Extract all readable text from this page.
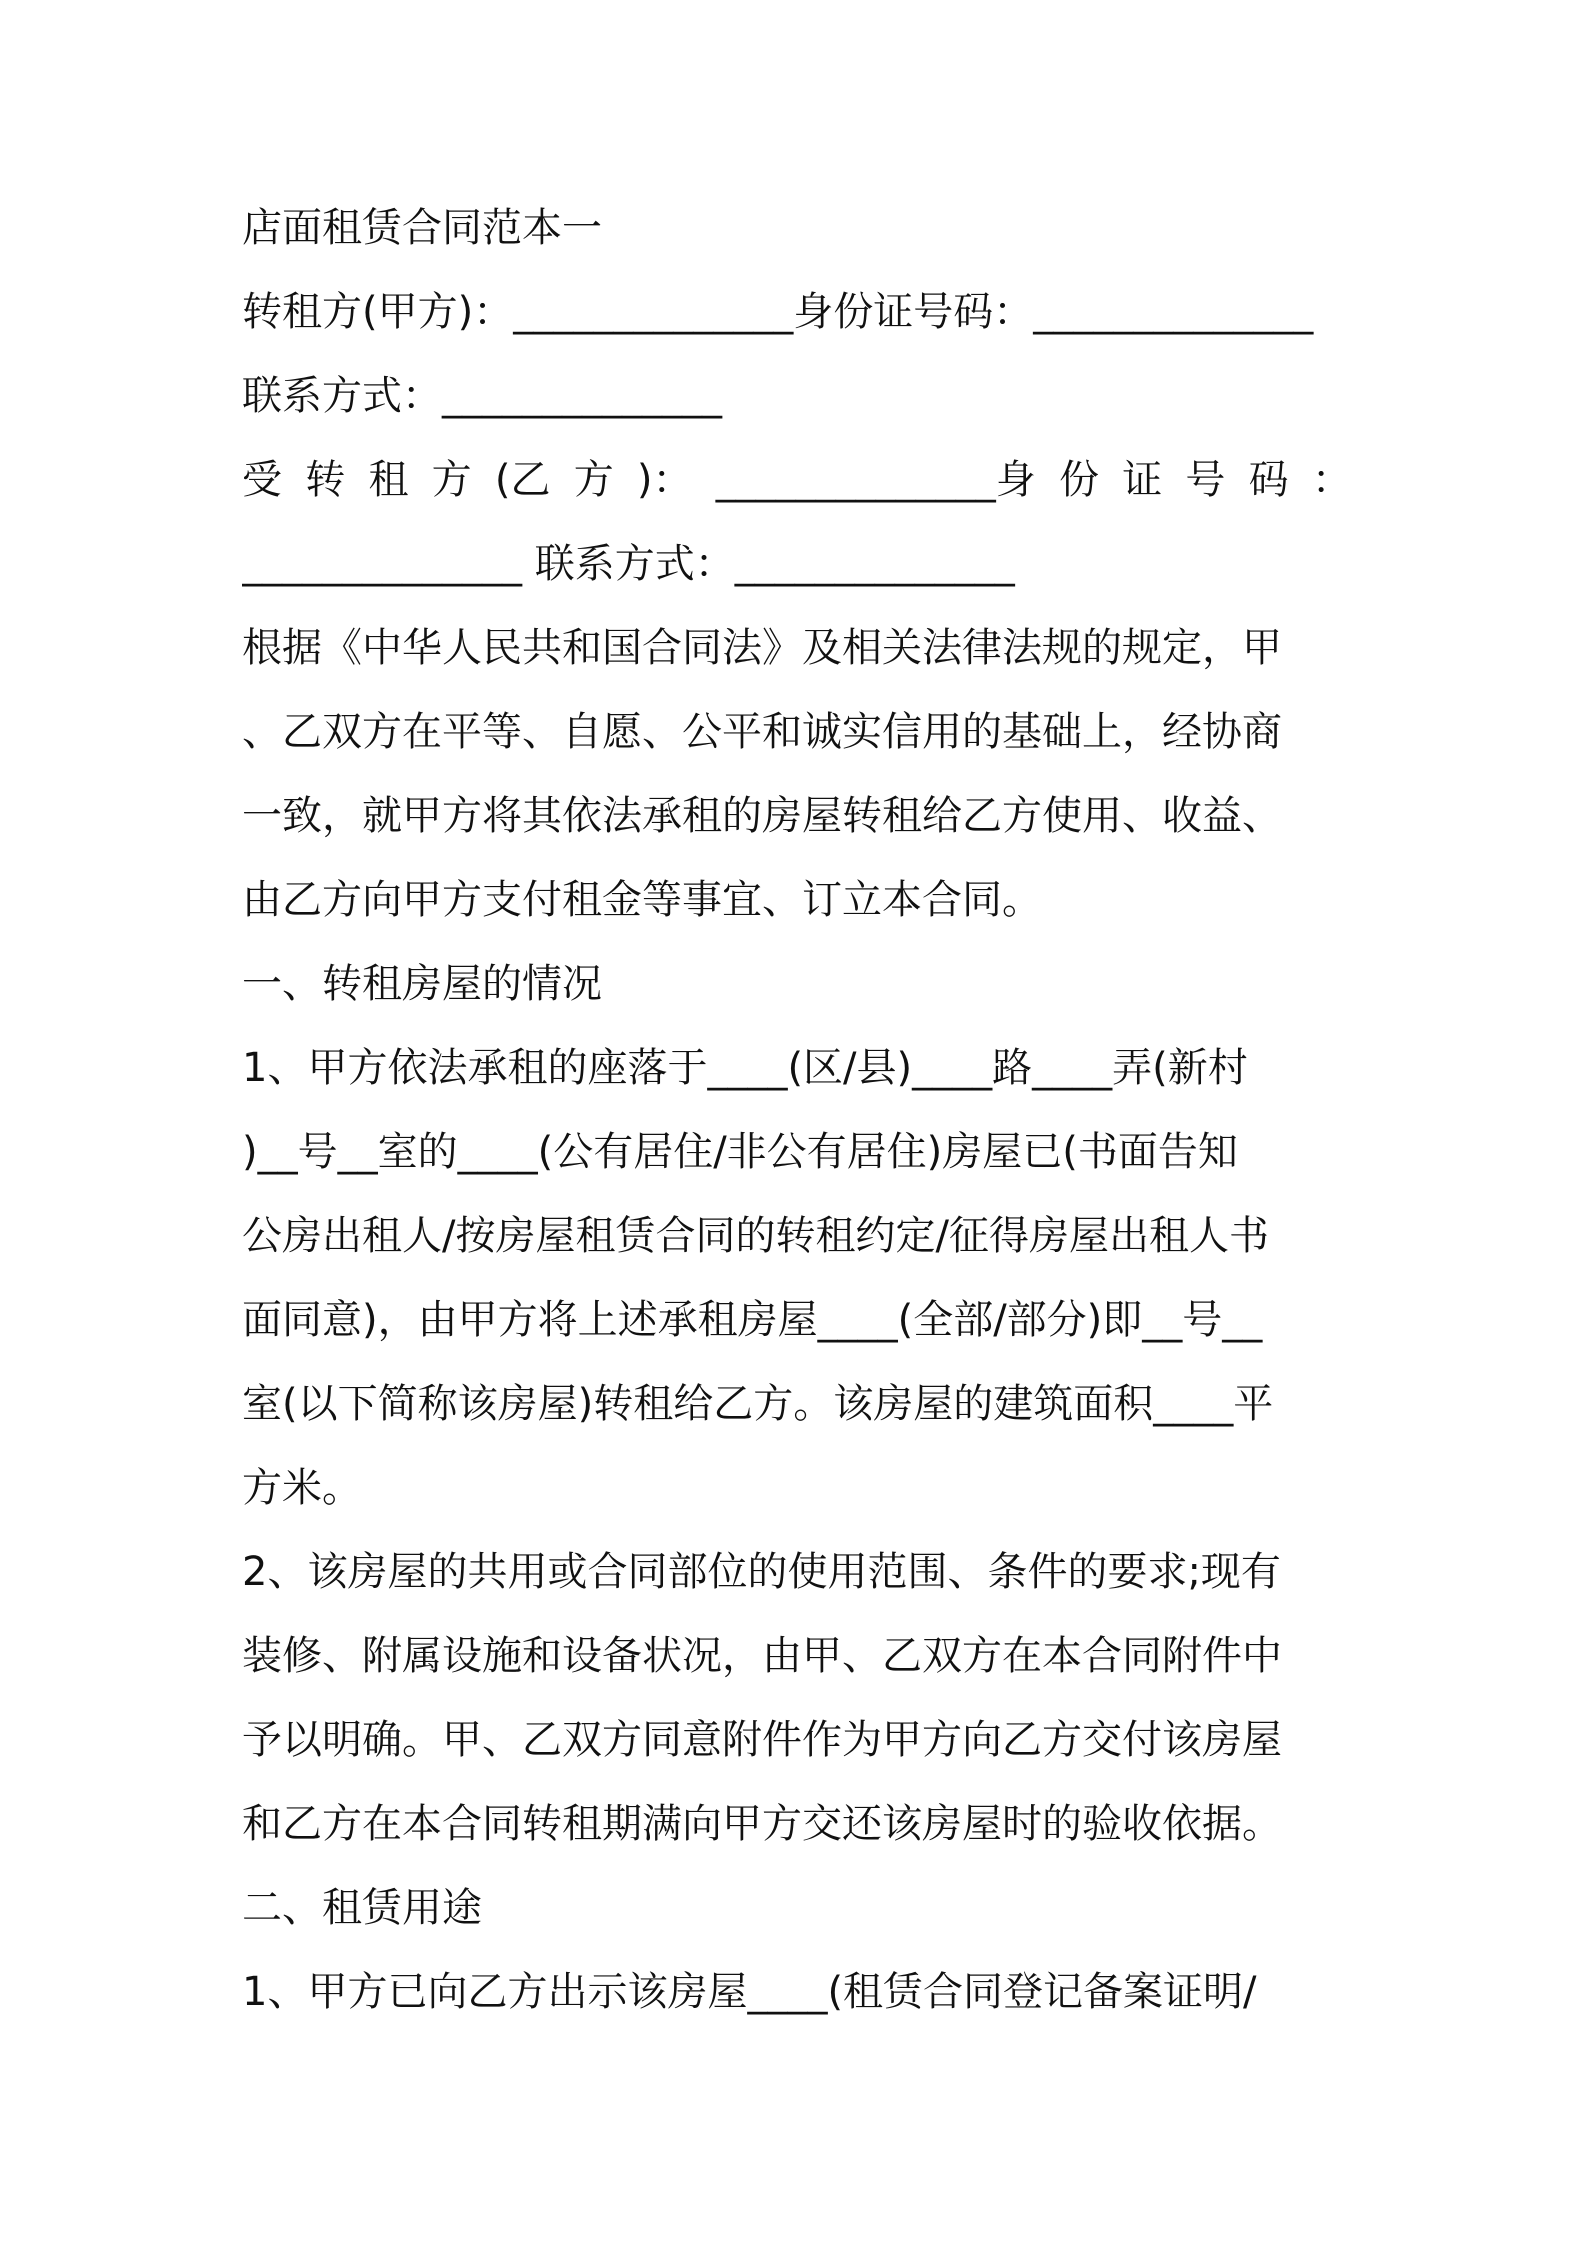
店面租赁合同范本一
转租方(甲方)：______________身份证号码：______________
联系方式：______________
受 转 租 方 (乙 方 )： ______________身 份 证 号 码 ：
______________ 联系方式：______________
根据《中华人民共和国合同法》及相关法律法规的规定，甲
、乙双方在平等、自愿、公平和诚实信用的基础上，经协商
一致，就甲方将其依法承租的房屋转租给乙方使用、收益、
由乙方向甲方支付租金等事宜、订立本合同。
一、转租房屋的情况
1、甲方依法承租的座落于____(区/县)____路____弄(新村
)__号__室的____(公有居住/非公有居住)房屋已(书面告知
公房出租人/按房屋租赁合同的转租约定/征得房屋出租人书
面同意)，由甲方将上述承租房屋____(全部/部分)即__号__
室(以下简称该房屋)转租给乙方。该房屋的建筑面积____平
方米。
2、该房屋的共用或合同部位的使用范围、条件的要求;现有
装修、附属设施和设备状况，由甲、乙双方在本合同附件中
予以明确。甲、乙双方同意附件作为甲方向乙方交付该房屋
和乙方在本合同转租期满向甲方交还该房屋时的验收依据。
二、租赁用途
1、甲方已向乙方出示该房屋____(租赁合同登记备案证明/
